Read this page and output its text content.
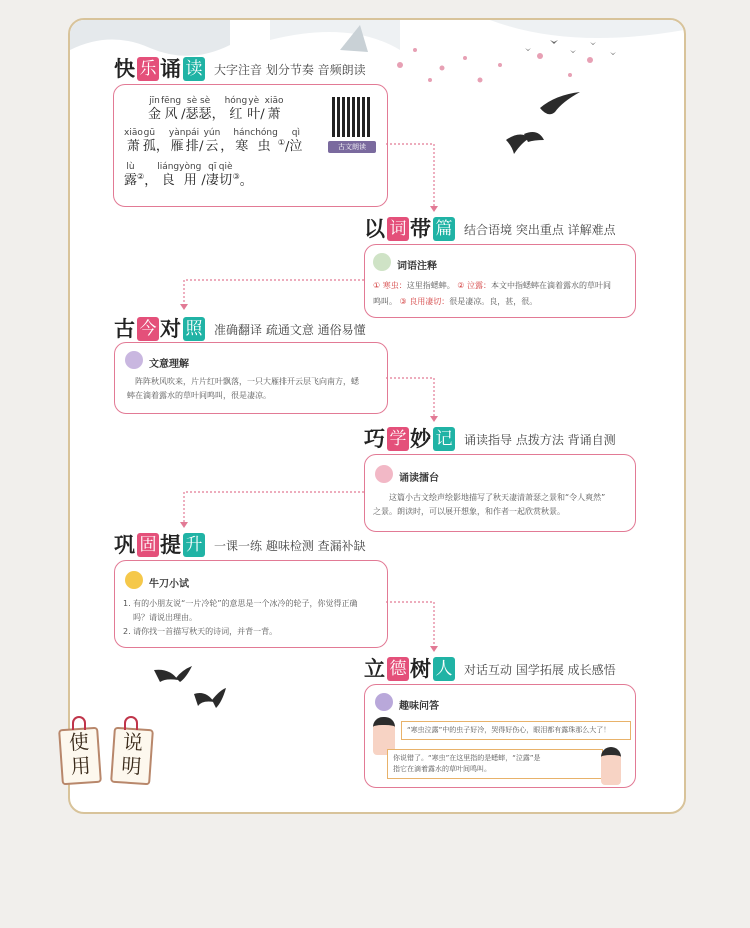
快 乐 诵 读 大字注音 划分节奏 音频朗读
jīn
金
fēng
风 /
sè
瑟
sè
瑟 ，
hóng
红
yè
叶 /
xiāo
萧
xiāo
萧
gū
孤 ，
yàn
雁
pái
排 /
yún
云 ，
hán
寒
chóng
虫 ①/
qì
泣
lù
露 ②，
liáng
良
yòng
用 /
qī
凄
qiè
切 ③。
古文朗读
以 词 带 篇 结合语境 突出重点 详解难点
词语注释
① 寒虫：这里指蟋蟀。 ② 泣露：本文中指蟋蟀在滴着露水的草叶间
鸣叫。 ③ 良用凄切：很是凄凉。良，甚，很。
古 今 对 照 准确翻译 疏通文意 通俗易懂
文意理解
阵阵秋风吹来，片片红叶飘落，一只大雁排开云层飞向南方，蟋
蟀在滴着露水的草叶间鸣叫，很是凄凉。
巧 学 妙 记 诵读指导 点拨方法 背诵自测
诵读擂台
这篇小古文绘声绘影地描写了秋天凄清萧瑟之景和“令人爽然”
之景。朗读时，可以展开想象，和作者一起欣赏秋景。
巩 固 提 升 一课一练 趣味检测 查漏补缺
牛刀小试
1. 有的小朋友说“一片冷轮”的意思是一个冰冷的轮子，你觉得正确
吗？请说出理由。
2. 请你找一首描写秋天的诗词，并背一背。
立 德 树 人 对话互动 国学拓展 成长感悟
趣味问答
“寒虫泣露”中的虫子好冷，哭得好伤心，眼泪都有露珠那么大了！
你说错了。“寒虫”在这里指的是蟋蟀，“泣露”是
指它在滴着露水的草叶间鸣叫。
使
用
说
明
